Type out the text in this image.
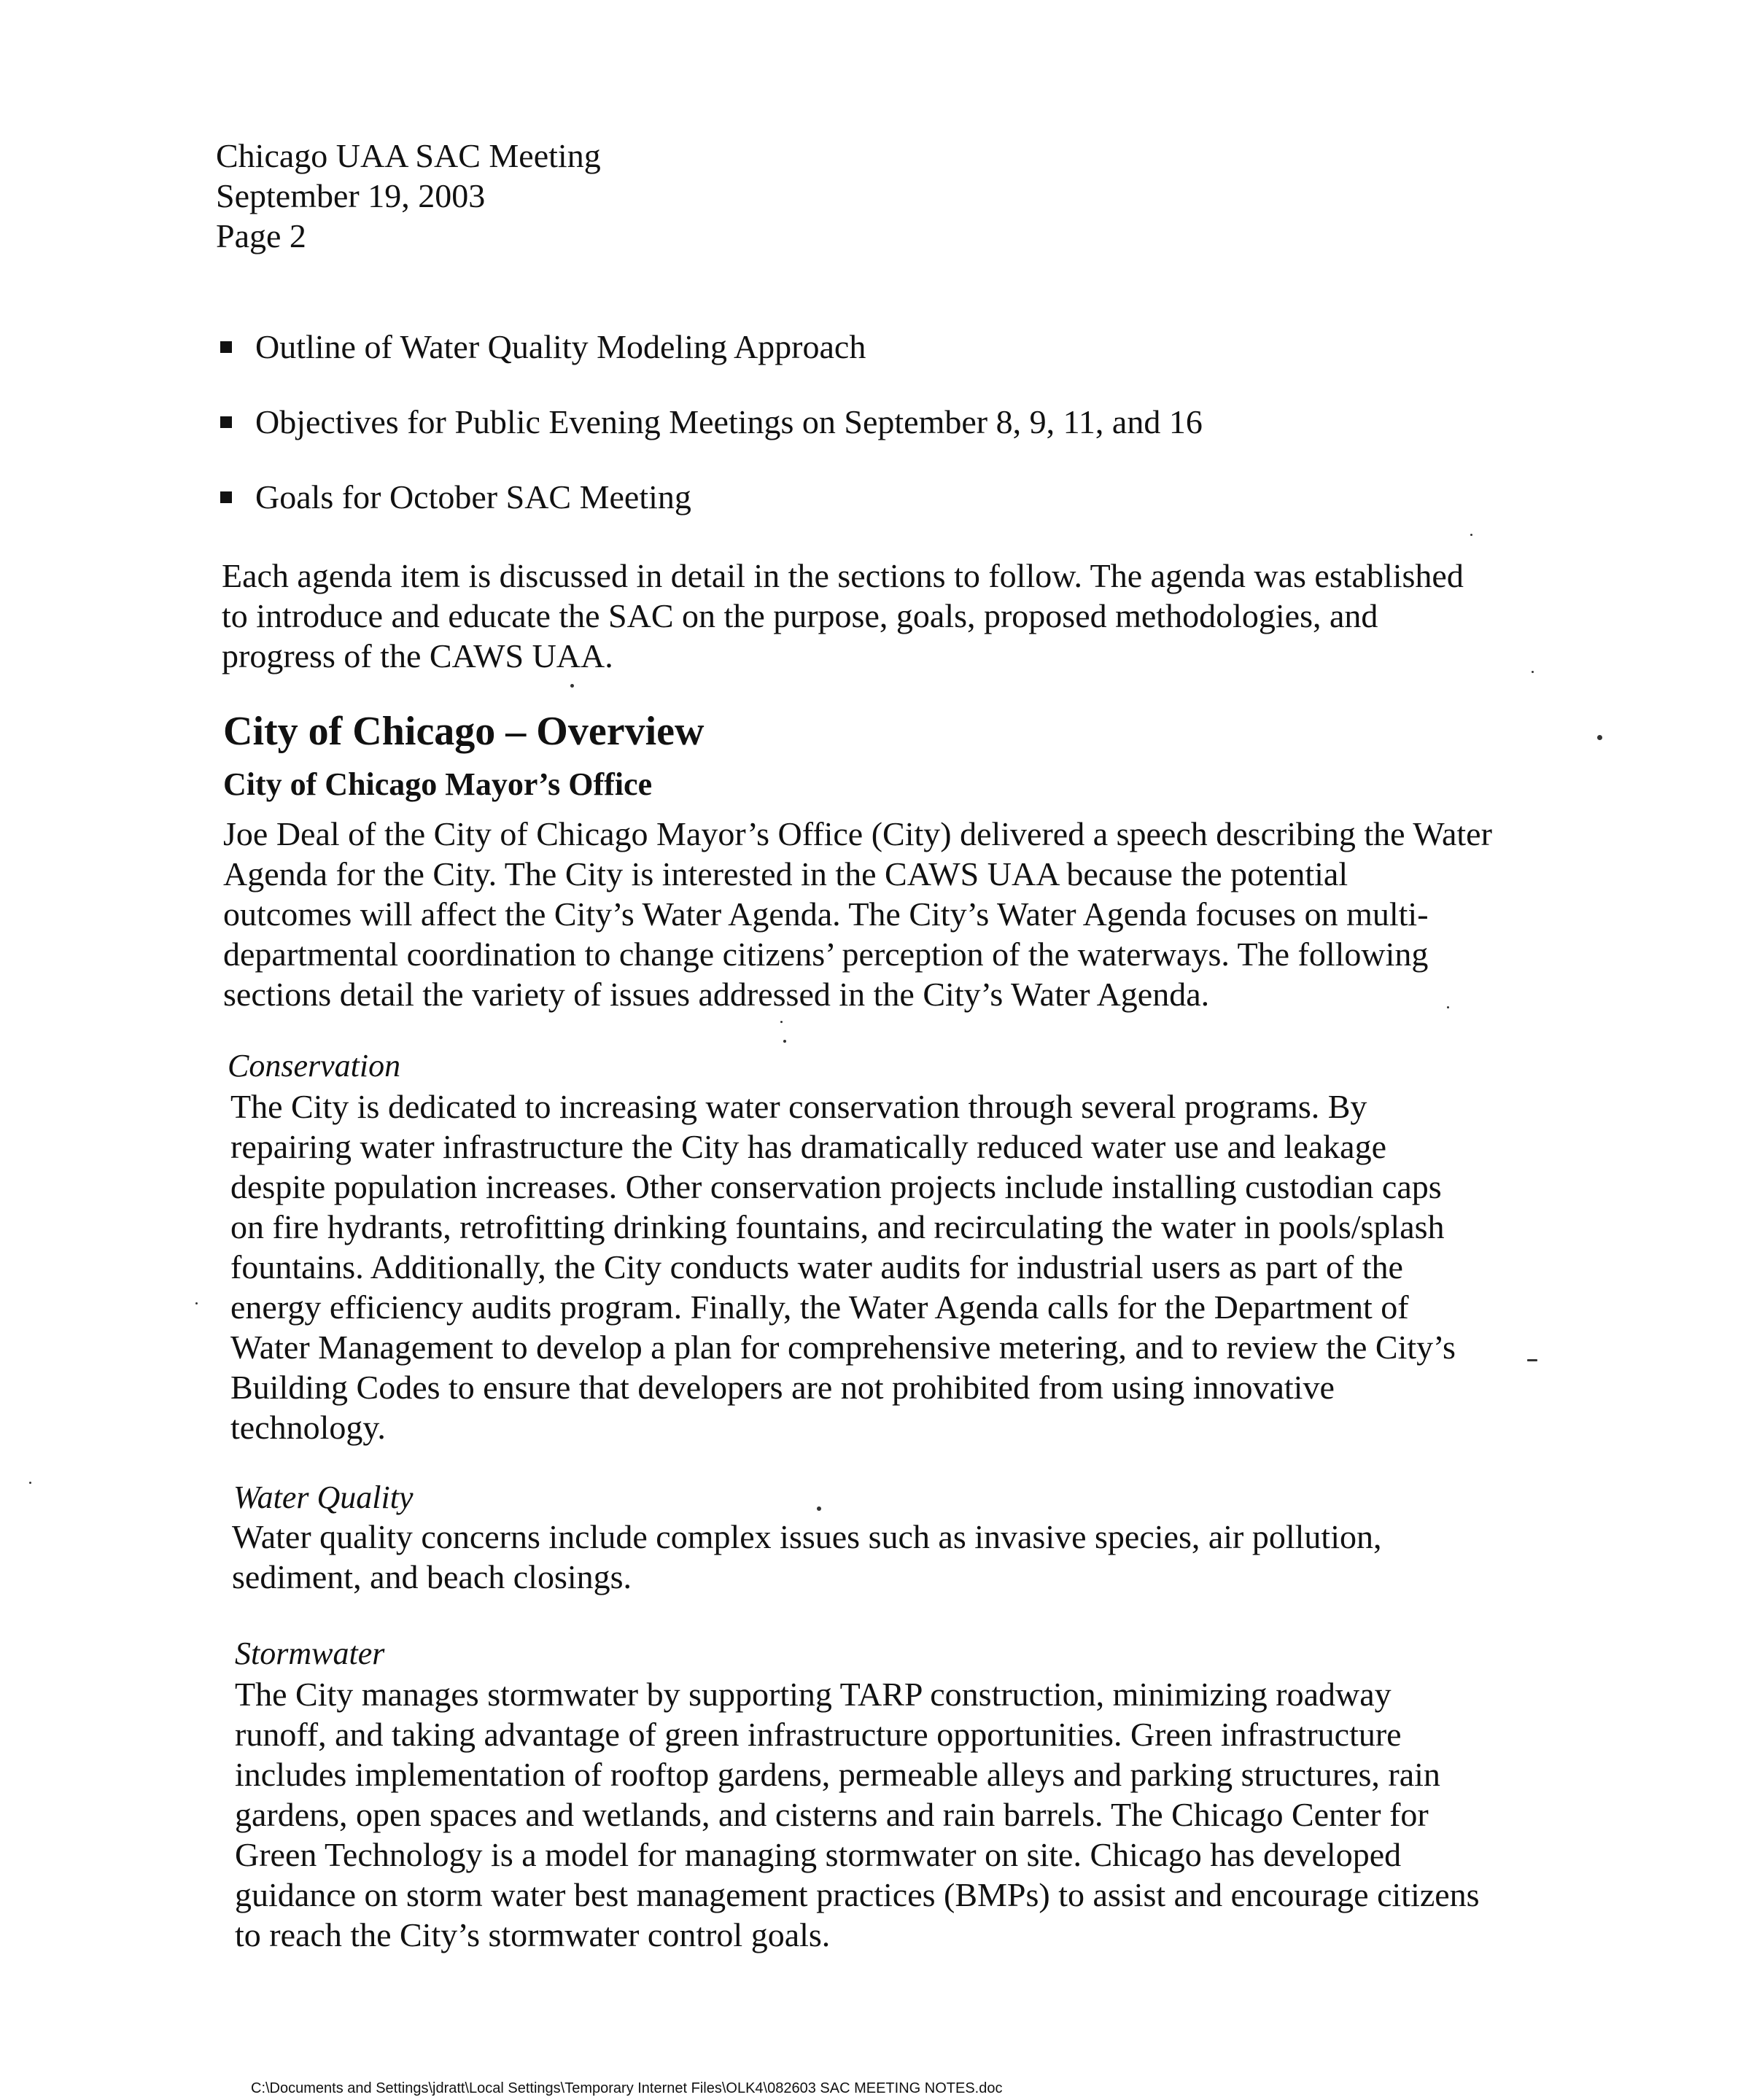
Chicago UAA SAC Meeting
September 19, 2003
Page 2
Outline of Water Quality Modeling Approach
Objectives for Public Evening Meetings on September 8, 9, 11, and 16
Goals for October SAC Meeting
Each agenda item is discussed in detail in the sections to follow. The agenda was established
to introduce and educate the SAC on the purpose, goals, proposed methodologies, and
progress of the CAWS UAA.
City of Chicago – Overview
City of Chicago Mayor’s Office
Joe Deal of the City of Chicago Mayor’s Office (City) delivered a speech describing the Water
Agenda for the City. The City is interested in the CAWS UAA because the potential
outcomes will affect the City’s Water Agenda. The City’s Water Agenda focuses on multi-
departmental coordination to change citizens’ perception of the waterways. The following
sections detail the variety of issues addressed in the City’s Water Agenda.
Conservation
The City is dedicated to increasing water conservation through several programs. By
repairing water infrastructure the City has dramatically reduced water use and leakage
despite population increases. Other conservation projects include installing custodian caps
on fire hydrants, retrofitting drinking fountains, and recirculating the water in pools/splash
fountains. Additionally, the City conducts water audits for industrial users as part of the
energy efficiency audits program. Finally, the Water Agenda calls for the Department of
Water Management to develop a plan for comprehensive metering, and to review the City’s
Building Codes to ensure that developers are not prohibited from using innovative
technology.
Water Quality
Water quality concerns include complex issues such as invasive species, air pollution,
sediment, and beach closings.
Stormwater
The City manages stormwater by supporting TARP construction, minimizing roadway
runoff, and taking advantage of green infrastructure opportunities. Green infrastructure
includes implementation of rooftop gardens, permeable alleys and parking structures, rain
gardens, open spaces and wetlands, and cisterns and rain barrels. The Chicago Center for
Green Technology is a model for managing stormwater on site. Chicago has developed
guidance on storm water best management practices (BMPs) to assist and encourage citizens
to reach the City’s stormwater control goals.
C:\Documents and Settings\jdratt\Local Settings\Temporary Internet Files\OLK4\082603 SAC MEETING NOTES.doc
